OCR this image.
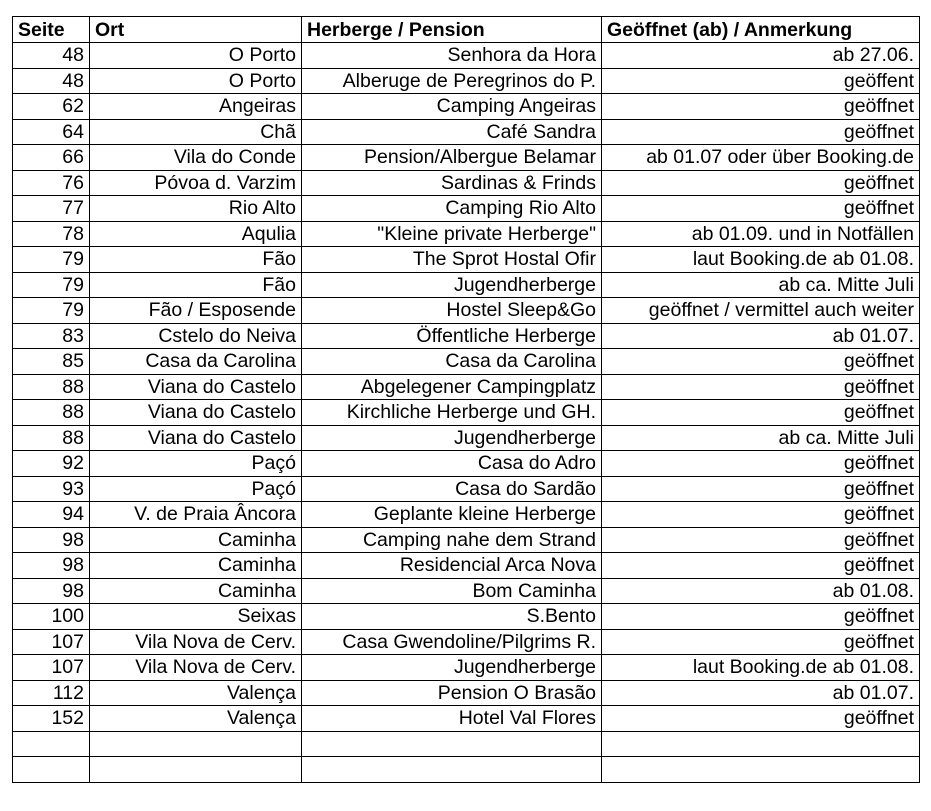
Seite	Ort	Herberge / Pension	Geöffnet (ab) / Anmerkung
48	O Porto	Senhora da Hora	ab 27.06.
48	O Porto	Alberuge de Peregrinos do P.	geöffent
62	Angeiras	Camping Angeiras	geöffnet
64	Chã	Café Sandra	geöffnet
66	Vila do Conde	Pension/Albergue Belamar	ab 01.07 oder über Booking.de
76	Póvoa d. Varzim	Sardinas & Frinds	geöffnet
77	Rio Alto	Camping Rio Alto	geöffnet
78	Aqulia	"Kleine private Herberge"	ab 01.09. und in Notfällen
79	Fão	The Sprot Hostal Ofir	laut Booking.de ab 01.08.
79	Fão	Jugendherberge	ab ca. Mitte Juli
79	Fão / Esposende	Hostel Sleep&Go	geöffnet / vermittel auch weiter
83	Cstelo do Neiva	Öffentliche Herberge	ab 01.07.
85	Casa da Carolina	Casa da Carolina	geöffnet
88	Viana do Castelo	Abgelegener Campingplatz	geöffnet
88	Viana do Castelo	Kirchliche Herberge und GH.	geöffnet
88	Viana do Castelo	Jugendherberge	ab ca. Mitte Juli
92	Paçó	Casa do Adro	geöffnet
93	Paçó	Casa do Sardão	geöffnet
94	V. de Praia Âncora	Geplante kleine Herberge	geöffnet
98	Caminha	Camping nahe dem Strand	geöffnet
98	Caminha	Residencial Arca Nova	geöffnet
98	Caminha	Bom Caminha	ab 01.08.
100	Seixas	S.Bento	geöffnet
107	Vila Nova de Cerv.	Casa Gwendoline/Pilgrims R.	geöffnet
107	Vila Nova de Cerv.	Jugendherberge	laut Booking.de ab 01.08.
112	Valença	Pension O Brasão	ab 01.07.
152	Valença	Hotel Val Flores	geöffnet
